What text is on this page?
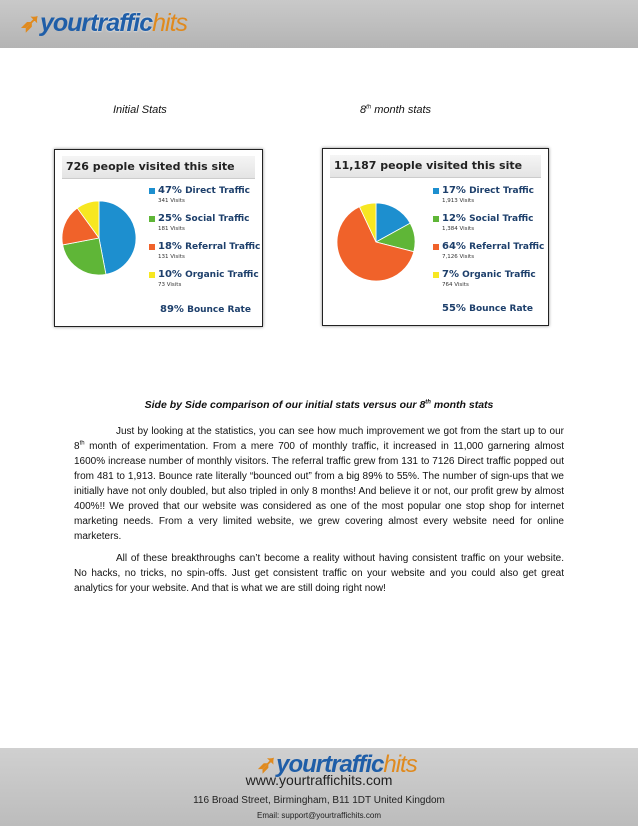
➶yourtraffichits
Initial Stats	8th month stats
726 people visited this site
47% Direct Traffic
341 Visits
25% Social Traffic
181 Visits
18% Referral Traffic
131 Visits
10% Organic Traffic
73 Visits
89% Bounce Rate
11,187 people visited this site
17% Direct Traffic
1,913 Visits
12% Social Traffic
1,384 Visits
64% Referral Traffic
7,126 Visits
7% Organic Traffic
764 Visits
55% Bounce Rate
Side by Side comparison of our initial stats versus our 8th month stats

Just by looking at the statistics, you can see how much improvement we got from the start up to our 8th month of experimentation. From a mere 700 of monthly traffic, it increased in 11,000 garnering almost 1600% increase number of monthly visitors. The referral traffic grew from 131 to 7126 Direct traffic popped out from 481 to 1,913. Bounce rate literally “bounced out” from a big 89% to 55%. The number of sign-ups that we initially have not only doubled, but also tripled in only 8 months! And believe it or not, our profit grew by almost 400%!! We proved that our website was considered as one of the most popular one stop shop for internet marketing needs. From a very limited website, we grew covering almost every website need for online marketers.

All of these breakthroughs can’t become a reality without having consistent traffic on your website. No hacks, no tricks, no spin-offs. Just get consistent traffic on your website and you could also get great analytics for your website. And that is what we are still doing right now!

➶yourtraffichits
www.yourtraffichits.com
116 Broad Street, Birmingham, B11 1DT United Kingdom
Email: support@yourtraffichits.com
